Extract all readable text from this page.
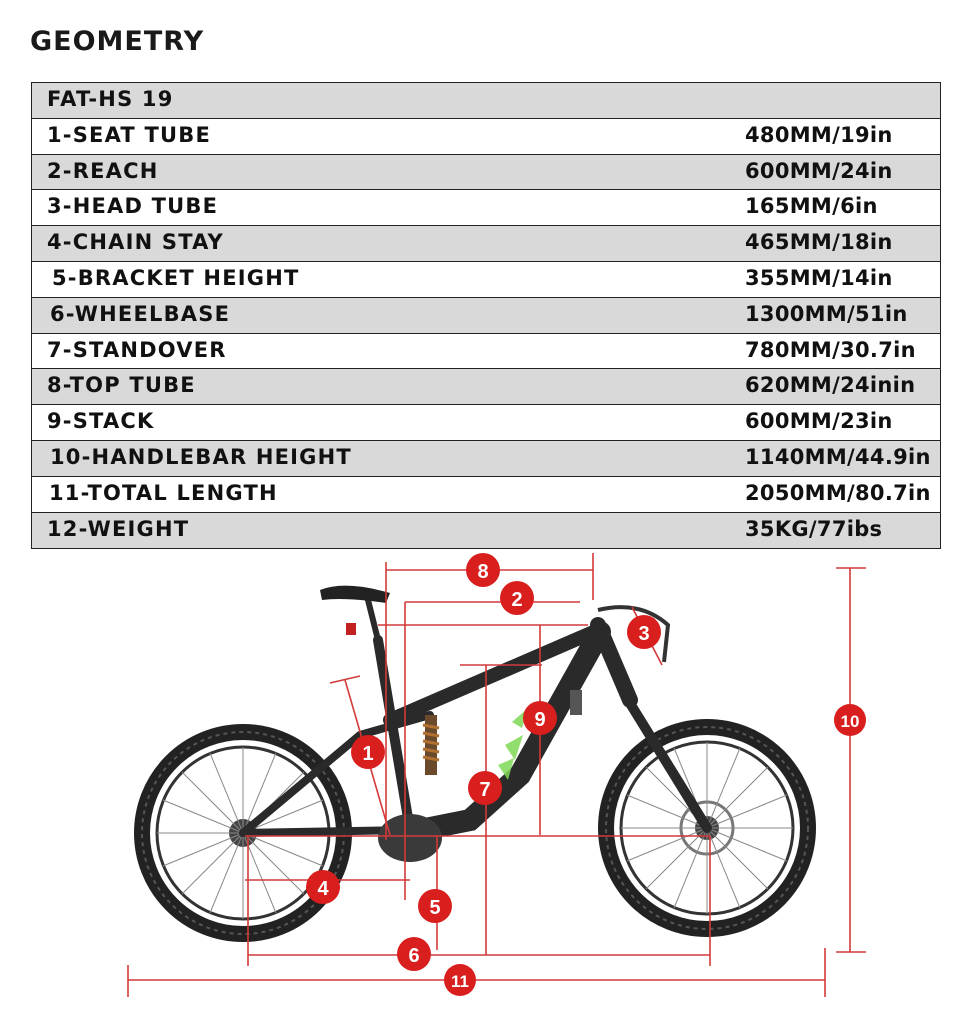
GEOMETRY
FAT-HS 19
1-SEAT TUBE	480MM/19in
2-REACH	600MM/24in
3-HEAD TUBE	165MM/6in
4-CHAIN STAY	465MM/18in
5-BRACKET HEIGHT	355MM/14in
6-WHEELBASE	1300MM/51in
7-STANDOVER	780MM/30.7in
8-TOP TUBE	620MM/24inin
9-STACK	600MM/23in
10-HANDLEBAR HEIGHT	1140MM/44.9in
11-TOTAL LENGTH	2050MM/80.7in
12-WEIGHT	35KG/77ibs
1
2
3
4
5
6
7
8
9	10
11
